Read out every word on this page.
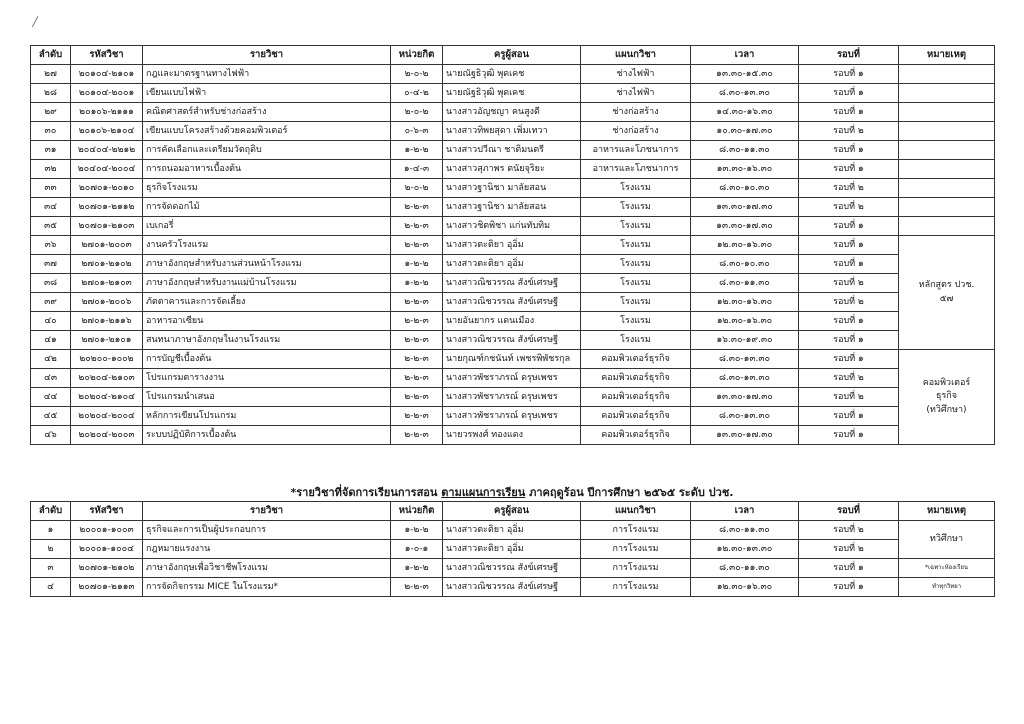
ลำดับ	รหัสวิชา	รายวิชา	หน่วยกิต	ครูผู้สอน	แผนกวิชา	เวลา	รอบที่	หมายเหตุ
๒๗	๒๐๑๐๔-๒๑๐๑	กฎและมาตรฐานทางไฟฟ้า	๒-๐-๒	นายณัฐธิวุฒิ พุดเคช	ช่างไฟฟ้า	๑๓.๓๐-๑๕.๓๐	รอบที่ ๑	
๒๘	๒๐๑๐๔-๒๐๐๑	เขียนแบบไฟฟ้า	๐-๔-๒	นายณัฐธิวุฒิ พุดเคช	ช่างไฟฟ้า	๘.๓๐-๑๓.๓๐	รอบที่ ๑	
๒๙	๒๐๑๐๖-๒๑๑๑	คณิตศาสตร์สำหรับช่างก่อสร้าง	๒-๐-๒	นางสาวอัญชญา คนสูงดี	ช่างก่อสร้าง	๑๔.๓๐-๑๖.๓๐	รอบที่ ๑	
๓๐	๒๐๑๐๖-๒๑๐๔	เขียนแบบโครงสร้างด้วยคอมพิวเตอร์	๐-๖-๓	นางสาวทิพยสุดา เพิ่มเทวา	ช่างก่อสร้าง	๑๐.๓๐-๑๗.๓๐	รอบที่ ๒	
๓๑	๒๐๔๐๔-๒๒๑๒	การคัดเลือกและเตรียมวัตถุดิบ	๑-๒-๒	นางสาวปวีณา ชาติมนตรี	อาหารและโภชนาการ	๘.๓๐-๑๑.๓๐	รอบที่ ๑	
๓๒	๒๐๔๐๔-๒๐๐๔	การถนอมอาหารเบื้องต้น	๑-๔-๓	นางสาวสุภาพร ตนัยจุริยะ	อาหารและโภชนาการ	๑๓.๓๐-๑๖.๓๐	รอบที่ ๑	
๓๓	๒๐๗๐๑-๒๐๑๐	ธุรกิจโรงแรม	๒-๐-๒	นางสาวฐานิชา มาลัยสอน	โรงแรม	๘.๓๐-๑๐.๓๐	รอบที่ ๒	
๓๔	๒๐๗๐๑-๒๑๑๒	การจัดดอกไม้	๒-๒-๓	นางสาวฐานิชา มาลัยสอน	โรงแรม	๑๓.๓๐-๑๗.๓๐	รอบที่ ๒	
๓๕	๒๐๗๐๑-๒๑๐๓	เบเกอรี่	๒-๒-๓	นางสาวชิตพิชา แก่นทับทิม	โรงแรม	๑๓.๓๐-๑๗.๓๐	รอบที่ ๑	
๓๖	๒๗๐๑-๒๐๐๓	งานครัวโรงแรม	๒-๒-๓	นางสาวตะติยา อุอิ่ม	โรงแรม	๑๒.๓๐-๑๖.๓๐	รอบที่ ๑	หลักสูตร ปวช.
๕๗
๓๗	๒๗๐๑-๒๑๐๒	ภาษาอังกฤษสำหรับงานส่วนหน้าโรงแรม	๑-๒-๒	นางสาวตะติยา อุอิ่ม	โรงแรม	๘.๓๐-๑๐.๓๐	รอบที่ ๑	
๓๘	๒๗๐๑-๒๑๐๓	ภาษาอังกฤษสำหรับงานแม่บ้านโรงแรม	๑-๒-๒	นางสาวณิชวรรณ สังข์เศรษฐี	โรงแรม	๘.๓๐-๑๑.๓๐	รอบที่ ๒	
๓๙	๒๗๐๑-๒๐๐๖	ภัตตาคารและการจัดเลี้ยง	๒-๒-๓	นางสาวณิชวรรณ สังข์เศรษฐี	โรงแรม	๑๒.๓๐-๑๖.๓๐	รอบที่ ๒	
๔๐	๒๗๐๑-๒๑๑๖	อาหารอาเซียน	๒-๒-๓	นายอันยากร แดนเมือง	โรงแรม	๑๒.๓๐-๑๖.๓๐	รอบที่ ๑	
๔๑	๒๗๐๑-๒๑๐๑	สนทนาภาษาอังกฤษในงานโรงแรม	๒-๒-๓	นางสาวณิชวรรณ สังข์เศรษฐี	โรงแรม	๑๖.๓๐-๑๙.๓๐	รอบที่ ๑	
๔๒	๒๐๒๐๐-๑๐๐๒	การบัญชีเบื้องต้น	๒-๒-๓	นายกุณฑ์กชนันท์ เพชรพิพัชรกุล	คอมพิวเตอร์ธุรกิจ	๘.๓๐-๑๓.๓๐	รอบที่ ๑	คอมพิวเตอร์
ธุรกิจ
(ทวิศึกษา)
๔๓	๒๐๒๐๔-๒๑๐๓	โปรแกรมตารางงาน	๒-๒-๓	นางสาวพัชราภรณ์ ดรุษเพชร	คอมพิวเตอร์ธุรกิจ	๘.๓๐-๑๓.๓๐	รอบที่ ๒	
๔๔	๒๐๒๐๔-๒๑๐๔	โปรแกรมนำเสนอ	๒-๒-๓	นางสาวพัชราภรณ์ ดรุษเพชร	คอมพิวเตอร์ธุรกิจ	๑๓.๓๐-๑๗.๓๐	รอบที่ ๒	
๔๕	๒๐๒๐๔-๒๐๐๔	หลักการเขียนโปรแกรม	๒-๒-๓	นางสาวพัชราภรณ์ ดรุษเพชร	คอมพิวเตอร์ธุรกิจ	๘.๓๐-๑๓.๓๐	รอบที่ ๑	
๔๖	๒๐๒๐๔-๒๐๐๓	ระบบปฏิบัติการเบื้องต้น	๒-๒-๓	นายวรพงศ์ ทองแดง	คอมพิวเตอร์ธุรกิจ	๑๓.๓๐-๑๗.๓๐	รอบที่ ๑	
*รายวิชาที่จัดการเรียนการสอน ตามแผนการเรียน ภาคฤดูร้อน ปีการศึกษา ๒๕๖๕ ระดับ ปวช.
ลำดับ	รหัสวิชา	รายวิชา	หน่วยกิต	ครูผู้สอน	แผนกวิชา	เวลา	รอบที่	หมายเหตุ
๑	๒๐๐๐๑-๑๐๐๓	ธุรกิจและการเป็นผู้ประกอบการ	๑-๒-๒	นางสาวตะติยา อุอิ่ม	การโรงแรม	๘.๓๐-๑๑.๓๐	รอบที่ ๒	ทวิศึกษา
๒	๒๐๐๐๑-๑๐๐๔	กฎหมายแรงงาน	๑-๐-๑	นางสาวตะติยา อุอิ่ม	การโรงแรม	๑๒.๓๐-๑๓.๓๐	รอบที่ ๒	
๓	๒๐๗๐๑-๒๑๐๒	ภาษาอังกฤษเพื่อวิชาชีพโรงแรม	๑-๒-๒	นางสาวณิชวรรณ สังข์เศรษฐี	การโรงแรม	๘.๓๐-๑๑.๓๐	รอบที่ ๑	*เฉพาะห้องเรียน
๔	๒๐๗๐๑-๒๑๑๓	การจัดกิจกรรม MICE ในโรงแรม*	๒-๒-๓	นางสาวณิชวรรณ สังข์เศรษฐี	การโรงแรม	๑๒.๓๐-๑๖.๓๐	รอบที่ ๑	ทำทุกวิทยา
